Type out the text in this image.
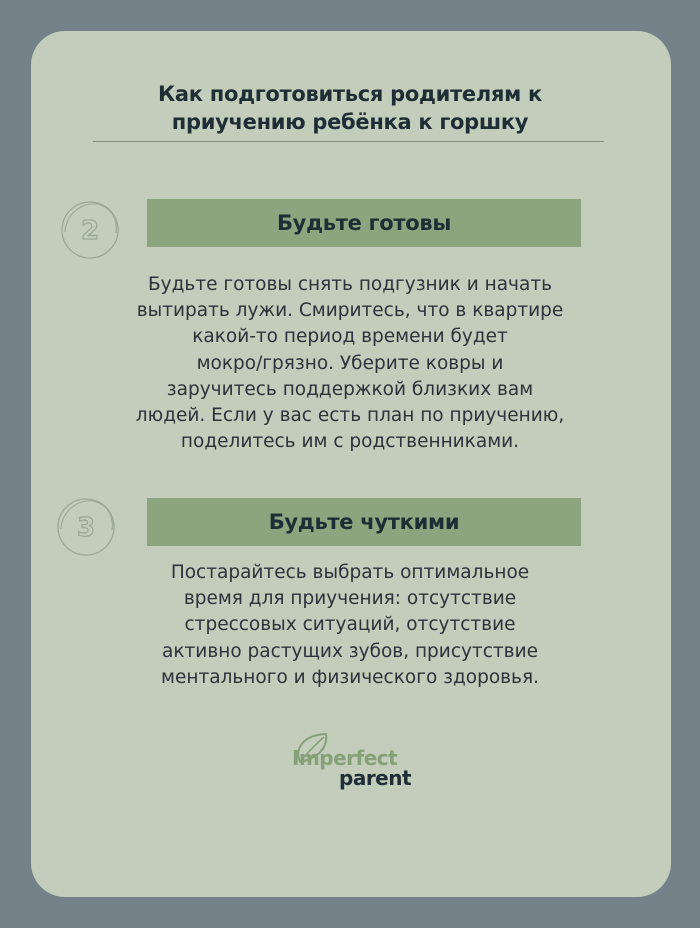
Как подготовиться родителям к
приучению ребёнка к горшку
2	Будьте готовы

Будьте готовы снять подгузник и начать
вытирать лужи. Смиритесь, что в квартире
какой-то период времени будет
мокро/грязно. Уберите ковры и
заручитесь поддержкой близких вам
людей. Если у вас есть план по приучению,
поделитесь им с родственниками.

3	Будьте чуткими

Постарайтесь выбрать оптимальное
время для приучения: отсутствие
стрессовых ситуаций, отсутствие
активно растущих зубов, присутствие
ментального и физического здоровья.

Imperfect
parent
